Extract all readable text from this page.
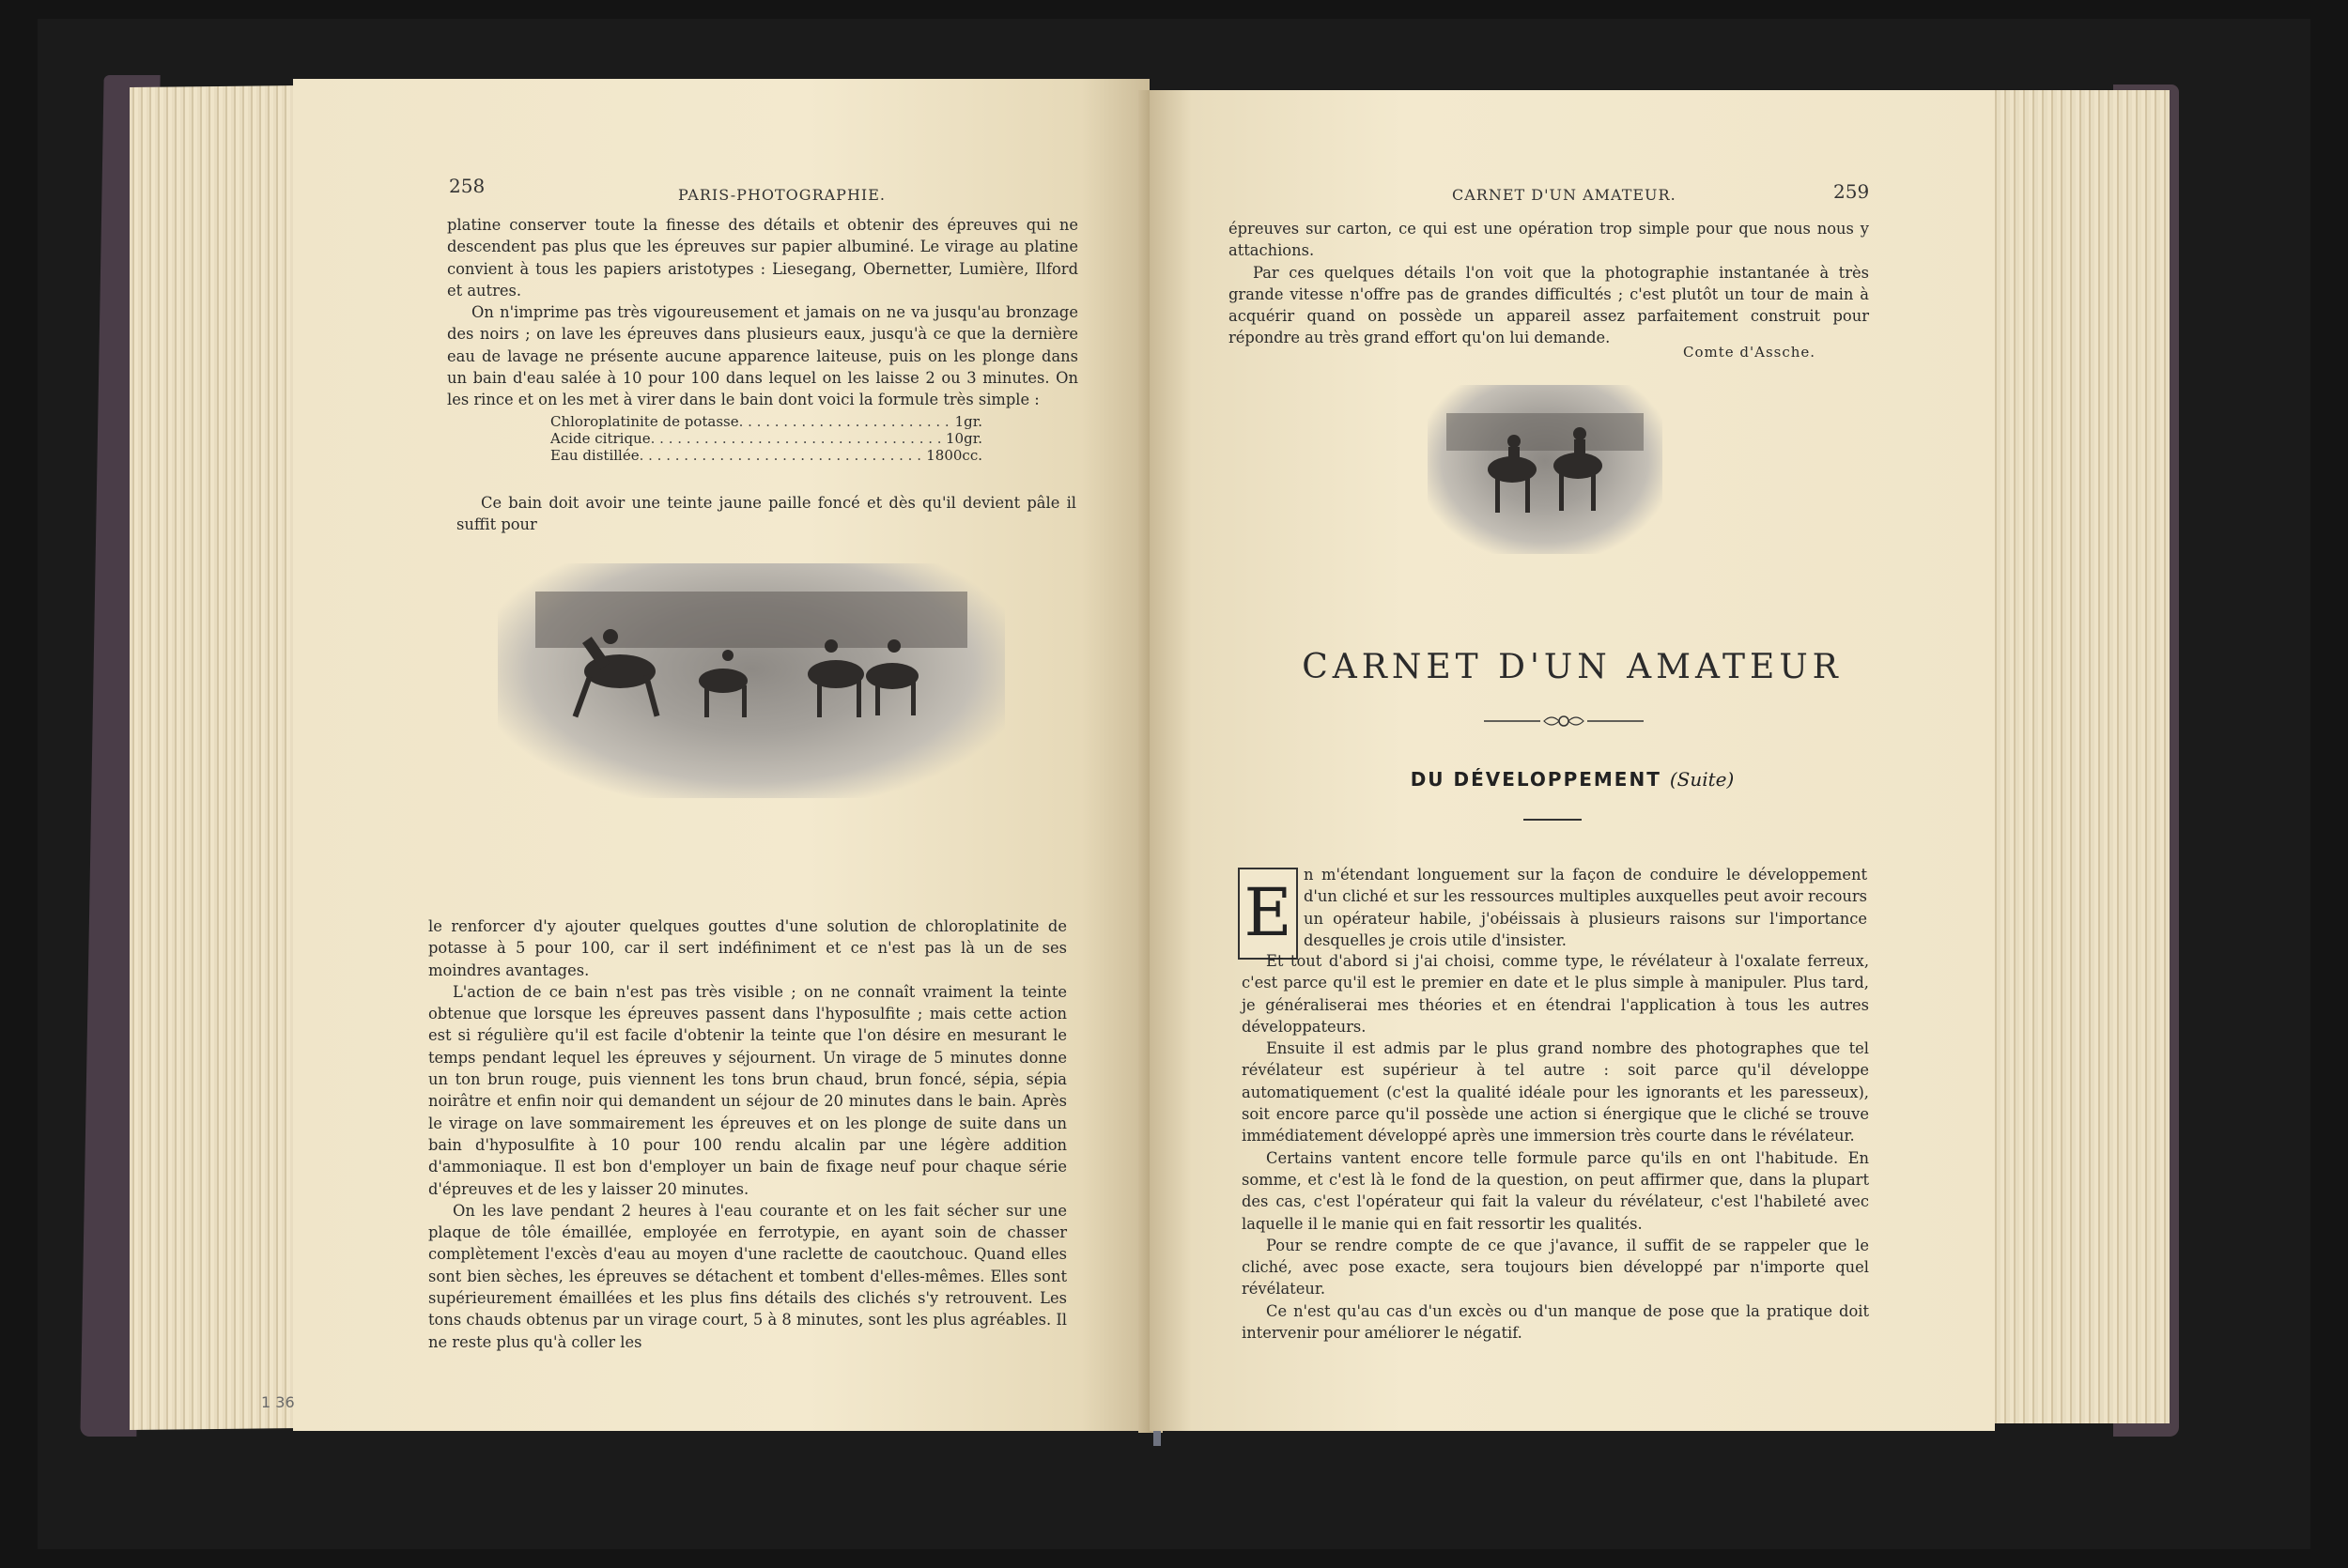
258	PARIS-PHOTOGRAPHIE.

platine conserver toute la finesse des détails et obtenir des épreuves qui ne descendent pas plus que les épreuves sur papier albuminé. Le virage au platine convient à tous les papiers aristotypes : Liesegang, Obernetter, Lumière, Ilford et autres.

On n'imprime pas très vigoureusement et jamais on ne va jusqu'au bronzage des noirs ; on lave les épreuves dans plusieurs eaux, jusqu'à ce que la dernière eau de lavage ne présente aucune apparence laiteuse, puis on les plonge dans un bain d'eau salée à 10 pour 100 dans lequel on les laisse 2 ou 3 minutes. On les rince et on les met à virer dans le bain dont voici la formule très simple :

Chloroplatinite de potasse . . .	1gr.
Acide citrique . . .	10gr.
Eau distillée . . .	1800cc.

Ce bain doit avoir une teinte jaune paille foncé et dès qu'il devient pâle il suffit pour

le renforcer d'y ajouter quelques gouttes d'une solution de chloroplatinite de potasse à 5 pour 100, car il sert indéfiniment et ce n'est pas là un de ses moindres avantages.

L'action de ce bain n'est pas très visible ; on ne connaît vraiment la teinte obtenue que lorsque les épreuves passent dans l'hyposulfite ; mais cette action est si régulière qu'il est facile d'obtenir la teinte que l'on désire en mesurant le temps pendant lequel les épreuves y séjournent. Un virage de 5 minutes donne un ton brun rouge, puis viennent les tons brun chaud, brun foncé, sépia, sépia noirâtre et enfin noir qui demandent un séjour de 20 minutes dans le bain. Après le virage on lave sommairement les épreuves et on les plonge de suite dans un bain d'hyposulfite à 10 pour 100 rendu alcalin par une légère addition d'ammoniaque. Il est bon d'employer un bain de fixage neuf pour chaque série d'épreuves et de les y laisser 20 minutes.

On les lave pendant 2 heures à l'eau courante et on les fait sécher sur une plaque de tôle émaillée, employée en ferrotypie, en ayant soin de chasser complètement l'excès d'eau au moyen d'une raclette de caoutchouc. Quand elles sont bien sèches, les épreuves se détachent et tombent d'elles-mêmes. Elles sont supérieurement émaillées et les plus fins détails des clichés s'y retrouvent. Les tons chauds obtenus par un virage court, 5 à 8 minutes, sont les plus agréables. Il ne reste plus qu'à coller les

1 36
CARNET D'UN AMATEUR.	259

épreuves sur carton, ce qui est une opération trop simple pour que nous nous y attachions.

Par ces quelques détails l'on voit que la photographie instantanée à très grande vitesse n'offre pas de grandes difficultés ; c'est plutôt un tour de main à acquérir quand on possède un appareil assez parfaitement construit pour répondre au très grand effort qu'on lui demande.

Comte d'Assche.
CARNET D'UN AMATEUR
DU DÉVELOPPEMENT (Suite)
E n m'étendant longuement sur la façon de conduire le développement d'un cliché et sur les ressources multiples auxquelles peut avoir recours un opérateur habile, j'obéissais à plusieurs raisons sur l'importance desquelles je crois utile d'insister.

Et tout d'abord si j'ai choisi, comme type, le révélateur à l'oxalate ferreux, c'est parce qu'il est le premier en date et le plus simple à manipuler. Plus tard, je généraliserai mes théories et en étendrai l'application à tous les autres développateurs.

Ensuite il est admis par le plus grand nombre des photographes que tel révélateur est supérieur à tel autre : soit parce qu'il développe automatiquement (c'est la qualité idéale pour les ignorants et les paresseux), soit encore parce qu'il possède une action si énergique que le cliché se trouve immédiatement développé après une immersion très courte dans le révélateur.

Certains vantent encore telle formule parce qu'ils en ont l'habitude. En somme, et c'est là le fond de la question, on peut affirmer que, dans la plupart des cas, c'est l'opérateur qui fait la valeur du révélateur, c'est l'habileté avec laquelle il le manie qui en fait ressortir les qualités.

Pour se rendre compte de ce que j'avance, il suffit de se rappeler que le cliché, avec pose exacte, sera toujours bien développé par n'importe quel révélateur.

Ce n'est qu'au cas d'un excès ou d'un manque de pose que la pratique doit intervenir pour améliorer le négatif.
